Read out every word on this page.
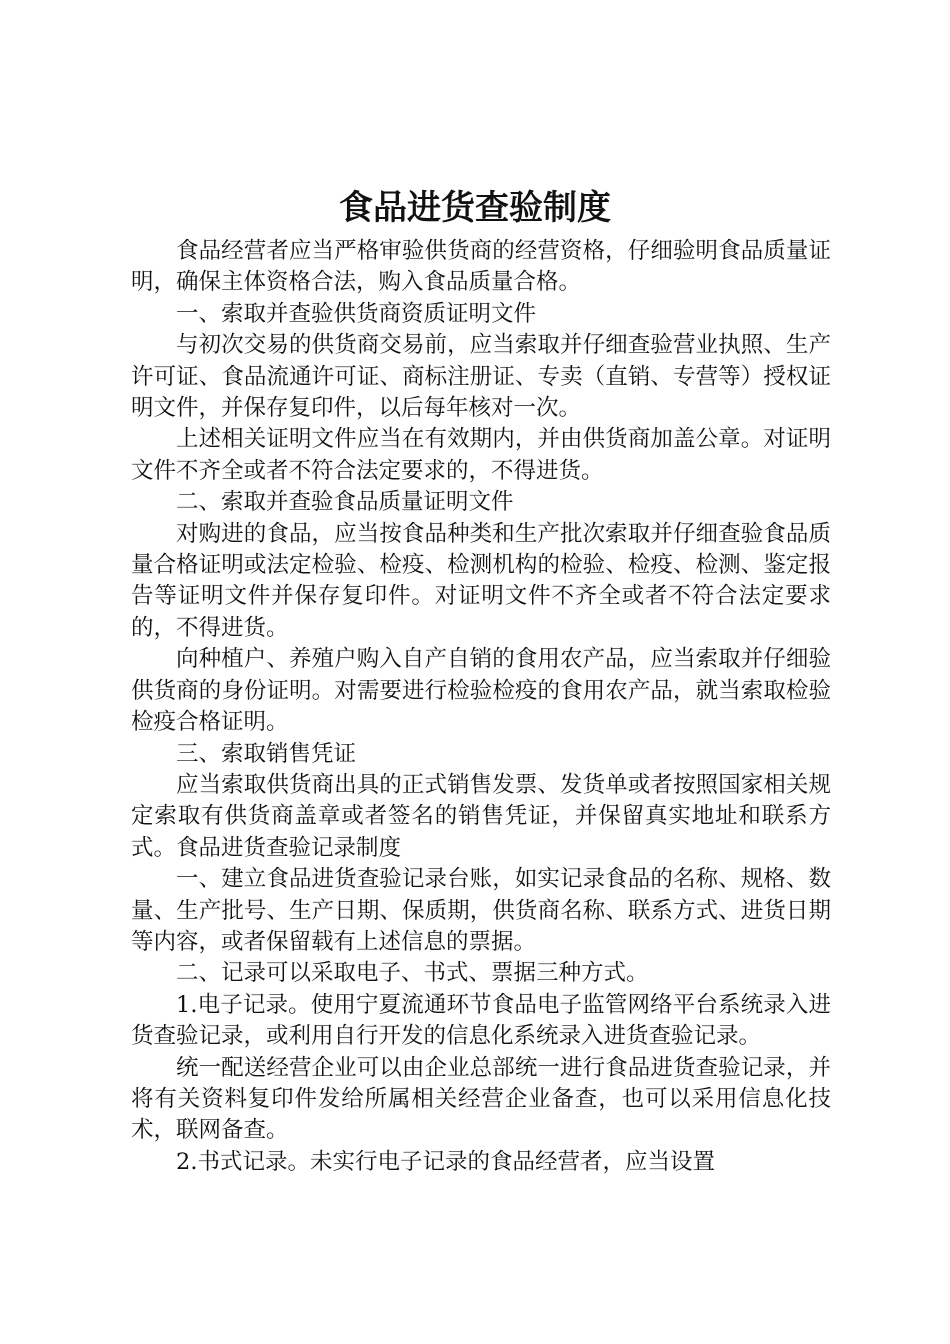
食品进货查验制度

食品经营者应当严格审验供货商的经营资格，仔细验明食品质量证明，确保主体资格合法，购入食品质量合格。

一、索取并查验供货商资质证明文件

与初次交易的供货商交易前，应当索取并仔细查验营业执照、生产许可证、食品流通许可证、商标注册证、专卖（直销、专营等）授权证明文件，并保存复印件，以后每年核对一次。

上述相关证明文件应当在有效期内，并由供货商加盖公章。对证明文件不齐全或者不符合法定要求的，不得进货。

二、索取并查验食品质量证明文件

对购进的食品，应当按食品种类和生产批次索取并仔细查验食品质量合格证明或法定检验、检疫、检测机构的检验、检疫、检测、鉴定报告等证明文件并保存复印件。对证明文件不齐全或者不符合法定要求的，不得进货。

向种植户、养殖户购入自产自销的食用农产品，应当索取并仔细验供货商的身份证明。对需要进行检验检疫的食用农产品，就当索取检验检疫合格证明。

三、索取销售凭证

应当索取供货商出具的正式销售发票、发货单或者按照国家相关规定索取有供货商盖章或者签名的销售凭证，并保留真实地址和联系方式。食品进货查验记录制度

一、建立食品进货查验记录台账，如实记录食品的名称、规格、数量、生产批号、生产日期、保质期，供货商名称、联系方式、进货日期等内容，或者保留载有上述信息的票据。

二、记录可以采取电子、书式、票据三种方式。

1.电子记录。使用宁夏流通环节食品电子监管网络平台系统录入进货查验记录，或利用自行开发的信息化系统录入进货查验记录。

统一配送经营企业可以由企业总部统一进行食品进货查验记录，并将有关资料复印件发给所属相关经营企业备查，也可以采用信息化技术，联网备查。

2.书式记录。未实行电子记录的食品经营者，应当设置
